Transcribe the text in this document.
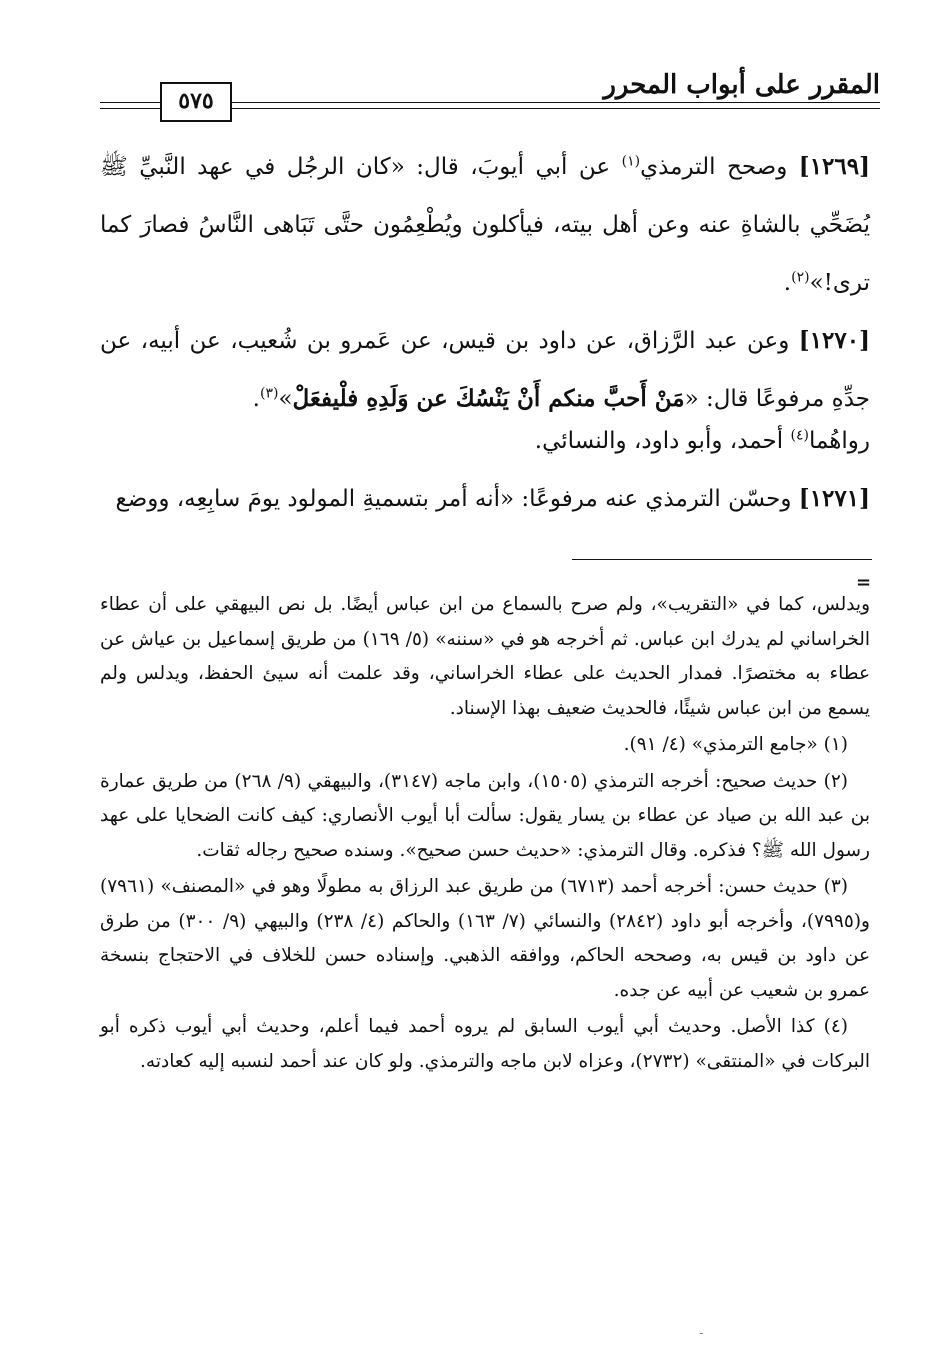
المقرر على أبواب المحرر
٥٧٥

[١٢٦٩] وصحح الترمذي$^{(١)}$ عن أبي أيوبَ، قال: «كان الرجُل في عهد النَّبيِّ ﷺ يُضَحِّي بالشاةِ عنه وعن أهل بيته، فيأكلون ويُطْعِمُون حتَّى تَبَاهى النَّاسُ فصارَ كما ترى!»$^{(٢)}$.

[١٢٧٠] وعن عبد الرَّزاق، عن داود بن قيس، عن عَمرو بن شُعيب، عن أبيه، عن جدِّهِ مرفوعًا قال: «مَنْ أَحبَّ منكم أَنْ يَنْسُكَ عن وَلَدِهِ فلْيفعَلْ»$^{(٣)}$.

رواهُما$^{(٤)}$ أحمد، وأبو داود، والنسائي.

[١٢٧١] وحسّن الترمذي عنه مرفوعًا: «أنه أمر بتسميةِ المولود يومَ سابِعِه، ووضع

=

ويدلس، كما في «التقريب»، ولم صرح بالسماع من ابن عباس أيضًا. بل نص البيهقي على أن عطاء الخراساني لم يدرك ابن عباس. ثم أخرجه هو في «سننه» (٥/ ١٦٩) من طريق إسماعيل بن عياش عن عطاء به مختصرًا. فمدار الحديث على عطاء الخراساني، وقد علمت أنه سيئ الحفظ، ويدلس ولم يسمع من ابن عباس شيئًا، فالحديث ضعيف بهذا الإسناد.

(١) «جامع الترمذي» (٤/ ٩١).

(٢) حديث صحيح: أخرجه الترمذي (١٥٠٥)، وابن ماجه (٣١٤٧)، والبيهقي (٩/ ٢٦٨) من طريق عمارة بن عبد الله بن صياد عن عطاء بن يسار يقول: سألت أبا أيوب الأنصاري: كيف كانت الضحايا على عهد رسول الله ﷺ؟ فذكره. وقال الترمذي: «حديث حسن صحيح». وسنده صحيح رجاله ثقات.

(٣) حديث حسن: أخرجه أحمد (٦٧١٣) من طريق عبد الرزاق به مطولًا وهو في «المصنف» (٧٩٦١) و(٧٩٩٥)، وأخرجه أبو داود (٢٨٤٢) والنسائي (٧/ ١٦٣) والحاكم (٤/ ٢٣٨) والبيهي (٩/ ٣٠٠) من طرق عن داود بن قيس به، وصححه الحاكم، ووافقه الذهبي. وإسناده حسن للخلاف في الاحتجاج بنسخة عمرو بن شعيب عن أبيه عن جده.

(٤) كذا الأصل. وحديث أبي أيوب السابق لم يروه أحمد فيما أعلم، وحديث أبي أيوب ذكره أبو البركات في «المنتقى» (٢٧٣٢)، وعزاه لابن ماجه والترمذي. ولو كان عند أحمد لنسبه إليه كعادته.

ـ
